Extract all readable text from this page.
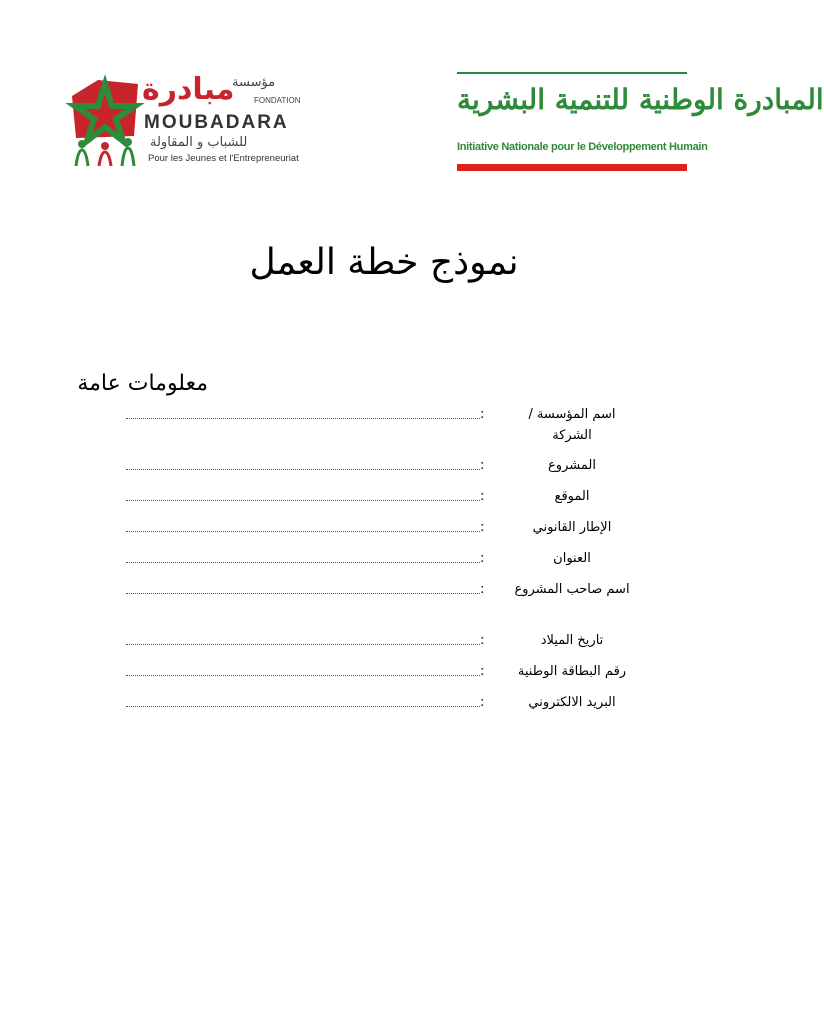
مبادرة
مؤسسة
FONDATION
MOUBADARA
للشباب و المقاولة
Pour les Jeunes et l'Entrepreneuriat
المبادرة الوطنية للتنمية البشرية
Initiative Nationale pour le Développement Humain
نموذج خطة العمل
معلومات عامة
اسم المؤسسة / الشركة
:
المشروع
:
الموقع
:
الإطار القانوني
:
العنوان
:
اسم صاحب المشروع
:
تاريخ الميلاد
:
رقم البطاقة الوطنية
:
البريد الالكتروني
:
